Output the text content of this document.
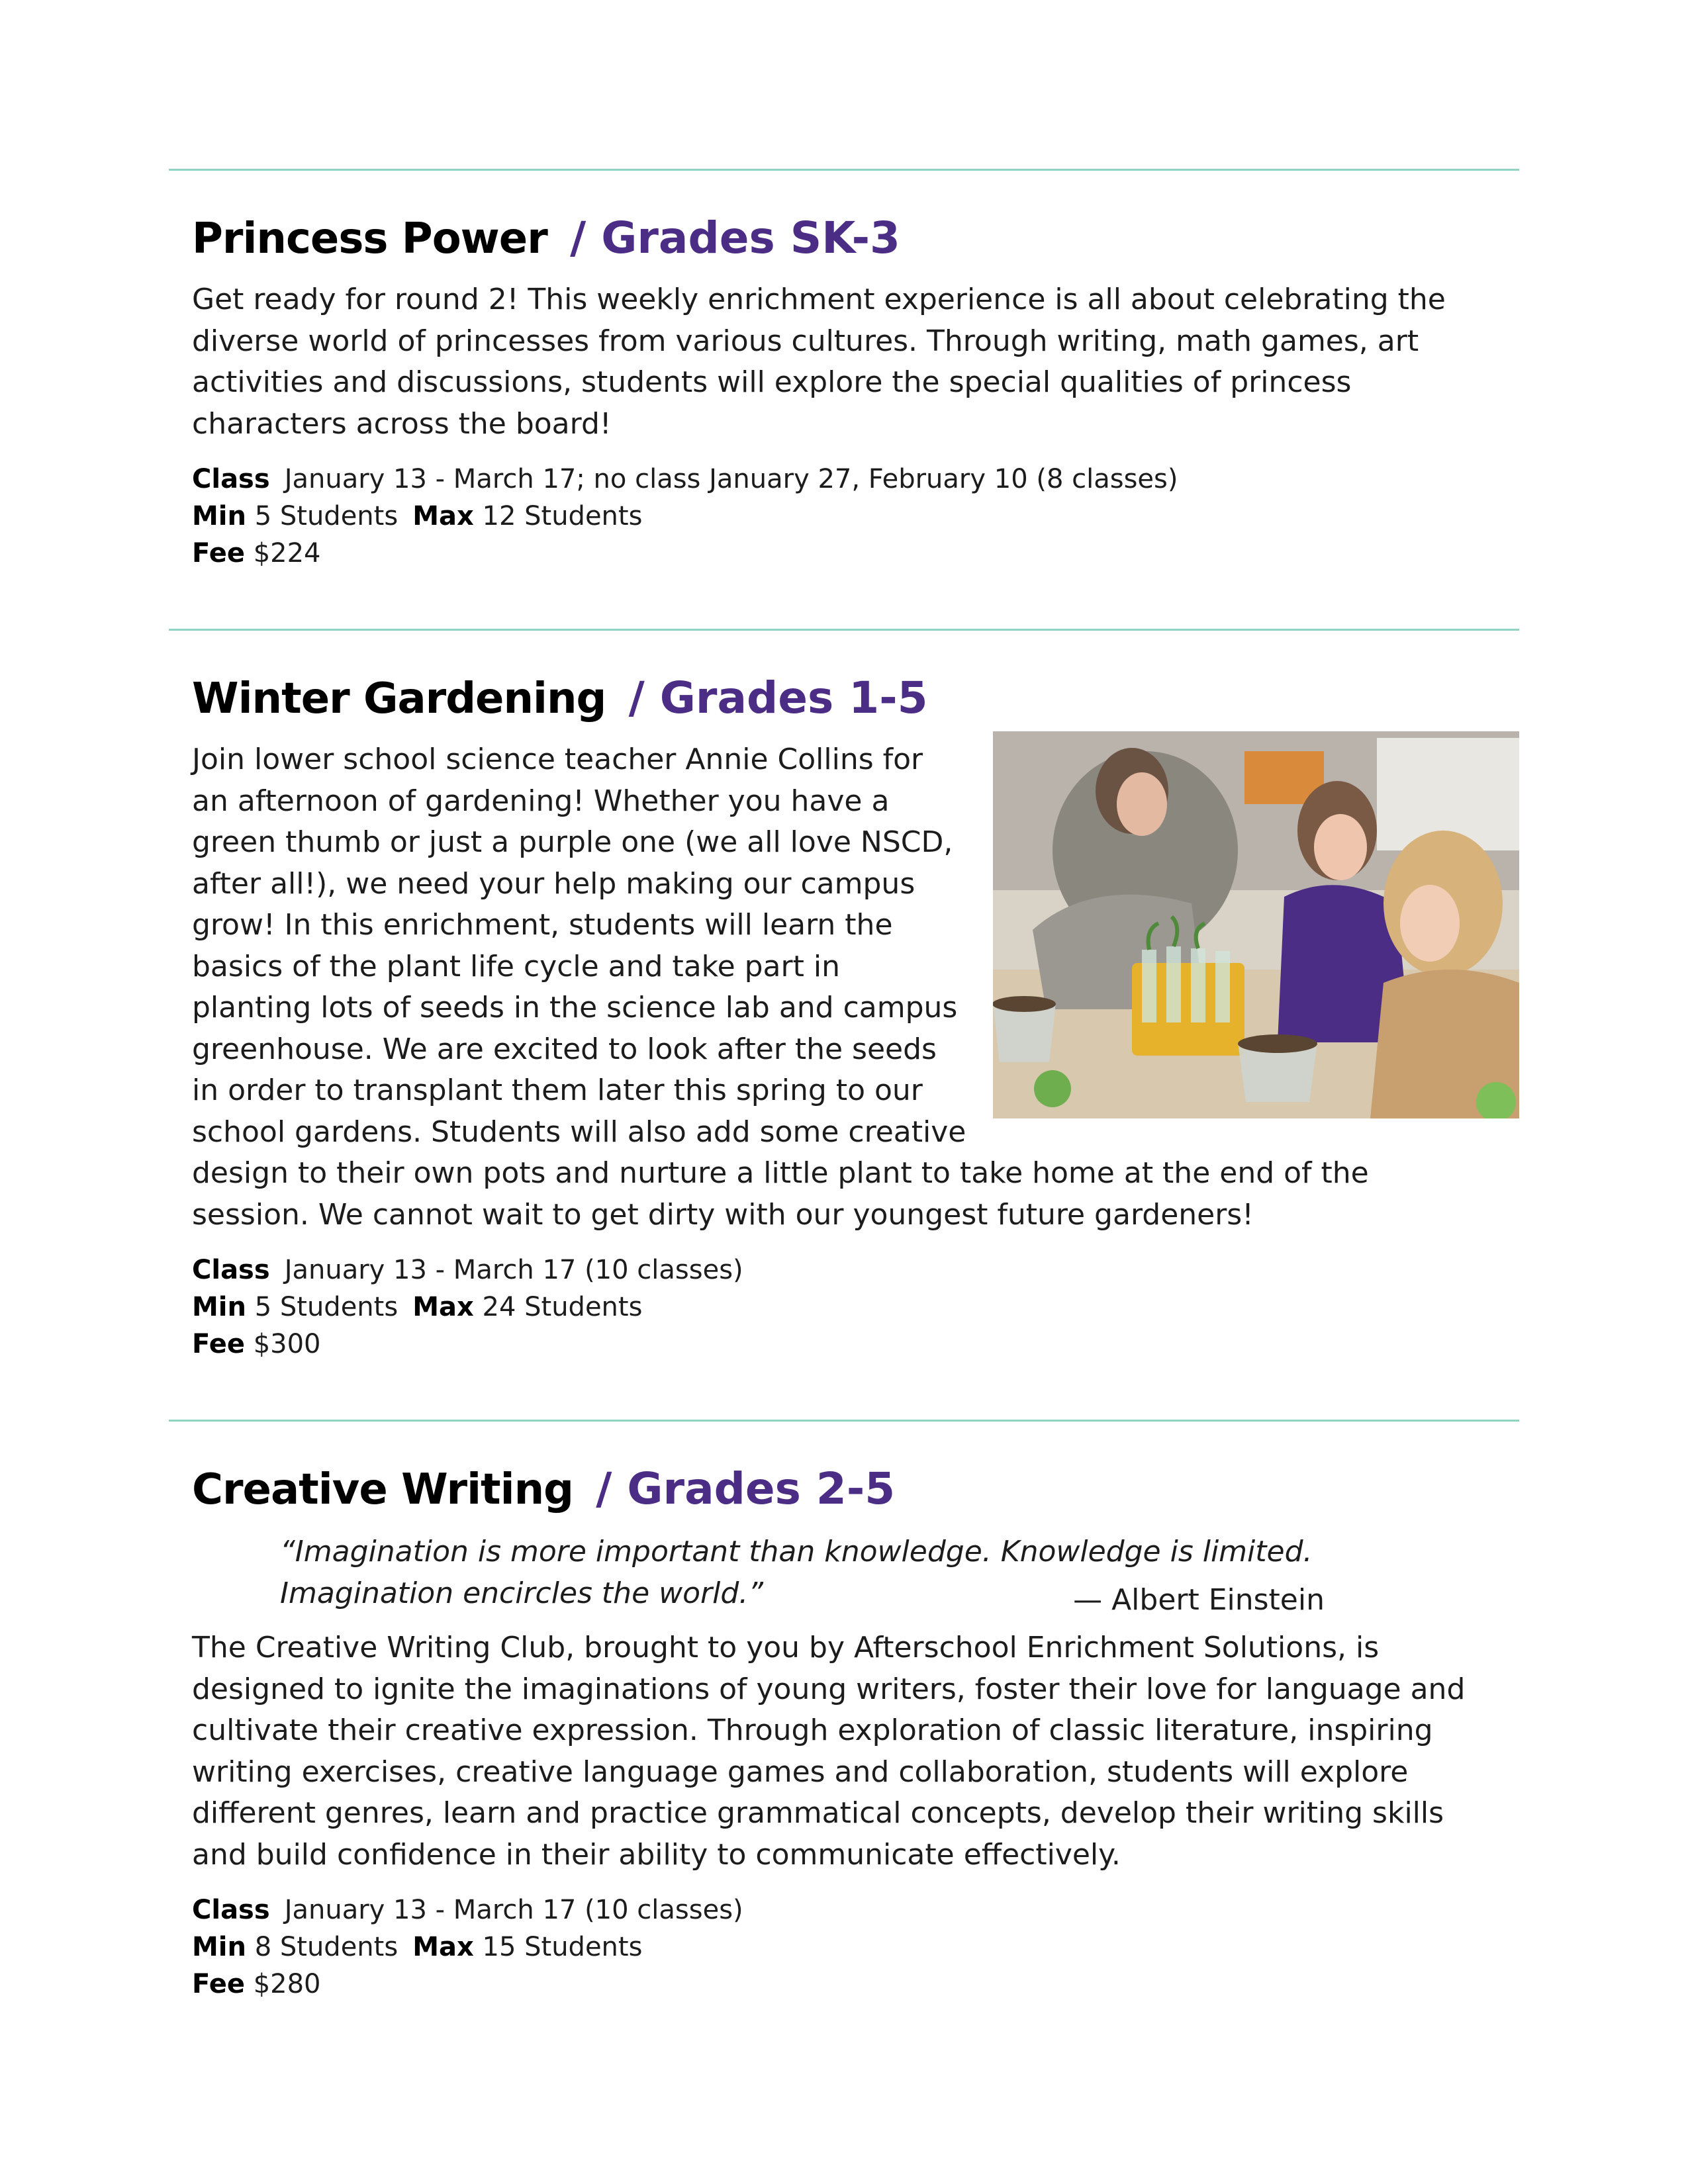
Princess Power / Grades SK-3

Get ready for round 2! This weekly enrichment experience is all about celebrating the diverse world of princesses from various cultures. Through writing, math games, art activities and discussions, students will explore the special qualities of princess characters across the board!

Class January 13 - March 17; no class January 27, February 10 (8 classes)
Min 5 Students Max 12 Students
Fee $224
Winter Gardening / Grades 1-5

Join lower school science teacher Annie Collins for an afternoon of gardening! Whether you have a green thumb or just a purple one (we all love NSCD, after all!), we need your help making our campus grow! In this enrichment, students will learn the basics of the plant life cycle and take part in planting lots of seeds in the science lab and campus greenhouse. We are excited to look after the seeds in order to transplant them later this spring to our school gardens. Students will also add some creative design to their own pots and nurture a little plant to take home at the end of the session. We cannot wait to get dirty with our youngest future gardeners!

Class January 13 - March 17 (10 classes)
Min 5 Students Max 24 Students
Fee $300
Creative Writing / Grades 2-5

“Imagination is more important than knowledge. Knowledge is limited.

Imagination encircles the world.”	— Albert Einstein

The Creative Writing Club, brought to you by Afterschool Enrichment Solutions, is designed to ignite the imaginations of young writers, foster their love for language and cultivate their creative expression. Through exploration of classic literature, inspiring writing exercises, creative language games and collaboration, students will explore different genres, learn and practice grammatical concepts, develop their writing skills and build confidence in their ability to communicate effectively.

Class January 13 - March 17 (10 classes)
Min 8 Students Max 15 Students
Fee $280
